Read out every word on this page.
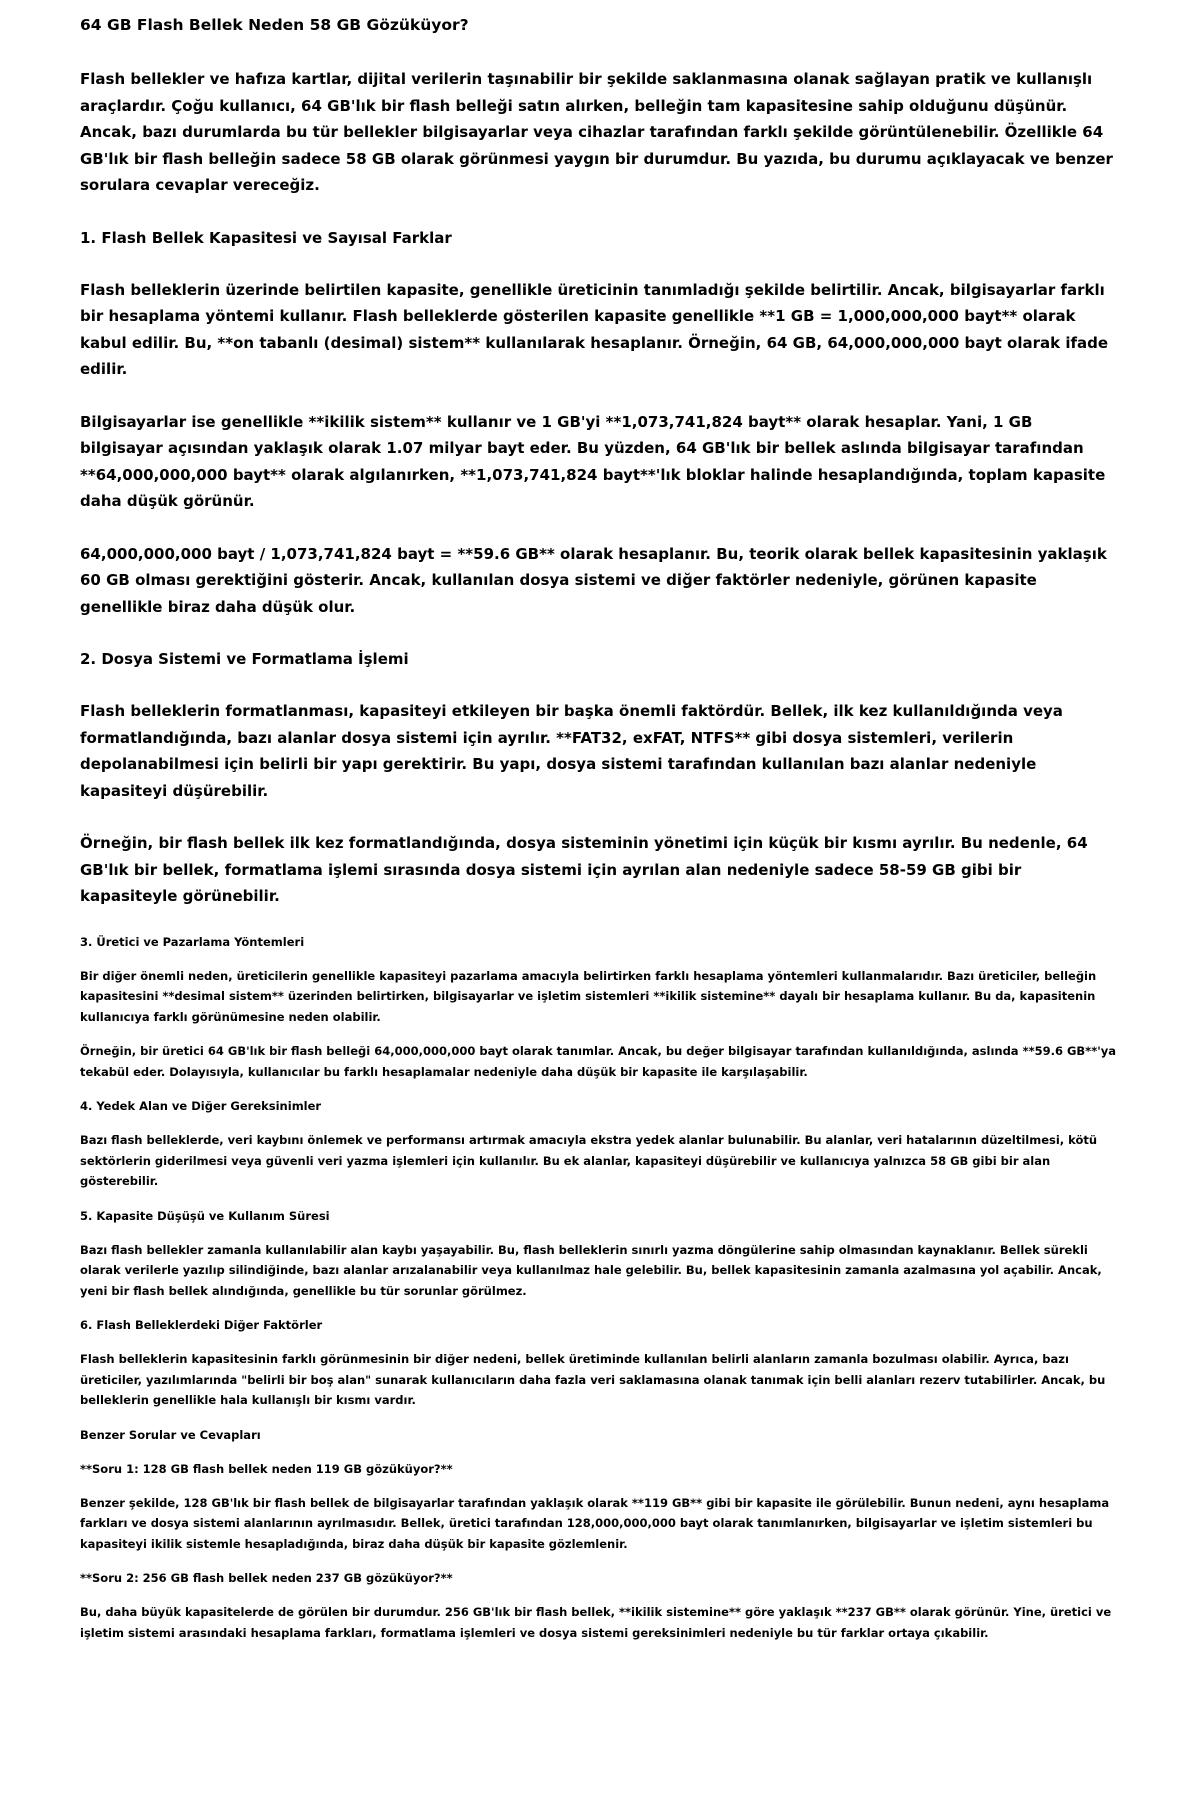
64 GB Flash Bellek Neden 58 GB Gözüküyor?

Flash bellekler ve hafıza kartlar, dijital verilerin taşınabilir bir şekilde saklanmasına olanak sağlayan pratik ve kullanışlı araçlardır. Çoğu kullanıcı, 64 GB'lık bir flash belleği satın alırken, belleğin tam kapasitesine sahip olduğunu düşünür. Ancak, bazı durumlarda bu tür bellekler bilgisayarlar veya cihazlar tarafından farklı şekilde görüntülenebilir. Özellikle 64 GB'lık bir flash belleğin sadece 58 GB olarak görünmesi yaygın bir durumdur. Bu yazıda, bu durumu açıklayacak ve benzer sorulara cevaplar vereceğiz.

1. Flash Bellek Kapasitesi ve Sayısal Farklar

Flash belleklerin üzerinde belirtilen kapasite, genellikle üreticinin tanımladığı şekilde belirtilir. Ancak, bilgisayarlar farklı bir hesaplama yöntemi kullanır. Flash belleklerde gösterilen kapasite genellikle **1 GB = 1,000,000,000 bayt** olarak kabul edilir. Bu, **on tabanlı (desimal) sistem** kullanılarak hesaplanır. Örneğin, 64 GB, 64,000,000,000 bayt olarak ifade edilir.

Bilgisayarlar ise genellikle **ikilik sistem** kullanır ve 1 GB'yi **1,073,741,824 bayt** olarak hesaplar. Yani, 1 GB bilgisayar açısından yaklaşık olarak 1.07 milyar bayt eder. Bu yüzden, 64 GB'lık bir bellek aslında bilgisayar tarafından **64,000,000,000 bayt** olarak algılanırken, **1,073,741,824 bayt**'lık bloklar halinde hesaplandığında, toplam kapasite daha düşük görünür.

64,000,000,000 bayt / 1,073,741,824 bayt = **59.6 GB** olarak hesaplanır. Bu, teorik olarak bellek kapasitesinin yaklaşık 60 GB olması gerektiğini gösterir. Ancak, kullanılan dosya sistemi ve diğer faktörler nedeniyle, görünen kapasite genellikle biraz daha düşük olur.

2. Dosya Sistemi ve Formatlama İşlemi

Flash belleklerin formatlanması, kapasiteyi etkileyen bir başka önemli faktördür. Bellek, ilk kez kullanıldığında veya formatlandığında, bazı alanlar dosya sistemi için ayrılır. **FAT32, exFAT, NTFS** gibi dosya sistemleri, verilerin depolanabilmesi için belirli bir yapı gerektirir. Bu yapı, dosya sistemi tarafından kullanılan bazı alanlar nedeniyle kapasiteyi düşürebilir.

Örneğin, bir flash bellek ilk kez formatlandığında, dosya sisteminin yönetimi için küçük bir kısmı ayrılır. Bu nedenle, 64 GB'lık bir bellek, formatlama işlemi sırasında dosya sistemi için ayrılan alan nedeniyle sadece 58-59 GB gibi bir kapasiteyle görünebilir.

3. Üretici ve Pazarlama Yöntemleri

Bir diğer önemli neden, üreticilerin genellikle kapasiteyi pazarlama amacıyla belirtirken farklı hesaplama yöntemleri kullanmalarıdır. Bazı üreticiler, belleğin kapasitesini **desimal sistem** üzerinden belirtirken, bilgisayarlar ve işletim sistemleri **ikilik sistemine** dayalı bir hesaplama kullanır. Bu da, kapasitenin kullanıcıya farklı görünümesine neden olabilir.

Örneğin, bir üretici 64 GB'lık bir flash belleği 64,000,000,000 bayt olarak tanımlar. Ancak, bu değer bilgisayar tarafından kullanıldığında, aslında **59.6 GB**'ya tekabül eder. Dolayısıyla, kullanıcılar bu farklı hesaplamalar nedeniyle daha düşük bir kapasite ile karşılaşabilir.

4. Yedek Alan ve Diğer Gereksinimler

Bazı flash belleklerde, veri kaybını önlemek ve performansı artırmak amacıyla ekstra yedek alanlar bulunabilir. Bu alanlar, veri hatalarının düzeltilmesi, kötü sektörlerin giderilmesi veya güvenli veri yazma işlemleri için kullanılır. Bu ek alanlar, kapasiteyi düşürebilir ve kullanıcıya yalnızca 58 GB gibi bir alan gösterebilir.

5. Kapasite Düşüşü ve Kullanım Süresi

Bazı flash bellekler zamanla kullanılabilir alan kaybı yaşayabilir. Bu, flash belleklerin sınırlı yazma döngülerine sahip olmasından kaynaklanır. Bellek sürekli olarak verilerle yazılıp silindiğinde, bazı alanlar arızalanabilir veya kullanılmaz hale gelebilir. Bu, bellek kapasitesinin zamanla azalmasına yol açabilir. Ancak, yeni bir flash bellek alındığında, genellikle bu tür sorunlar görülmez.

6. Flash Belleklerdeki Diğer Faktörler

Flash belleklerin kapasitesinin farklı görünmesinin bir diğer nedeni, bellek üretiminde kullanılan belirli alanların zamanla bozulması olabilir. Ayrıca, bazı üreticiler, yazılımlarında "belirli bir boş alan" sunarak kullanıcıların daha fazla veri saklamasına olanak tanımak için belli alanları rezerv tutabilirler. Ancak, bu belleklerin genellikle hala kullanışlı bir kısmı vardır.

Benzer Sorular ve Cevapları
**Soru 1: 128 GB flash bellek neden 119 GB gözüküyor?**

Benzer şekilde, 128 GB'lık bir flash bellek de bilgisayarlar tarafından yaklaşık olarak **119 GB** gibi bir kapasite ile görülebilir. Bunun nedeni, aynı hesaplama farkları ve dosya sistemi alanlarının ayrılmasıdır. Bellek, üretici tarafından 128,000,000,000 bayt olarak tanımlanırken, bilgisayarlar ve işletim sistemleri bu kapasiteyi ikilik sistemle hesapladığında, biraz daha düşük bir kapasite gözlemlenir.

**Soru 2: 256 GB flash bellek neden 237 GB gözüküyor?**

Bu, daha büyük kapasitelerde de görülen bir durumdur. 256 GB'lık bir flash bellek, **ikilik sistemine** göre yaklaşık **237 GB** olarak görünür. Yine, üretici ve işletim sistemi arasındaki hesaplama farkları, formatlama işlemleri ve dosya sistemi gereksinimleri nedeniyle bu tür farklar ortaya çıkabilir.
